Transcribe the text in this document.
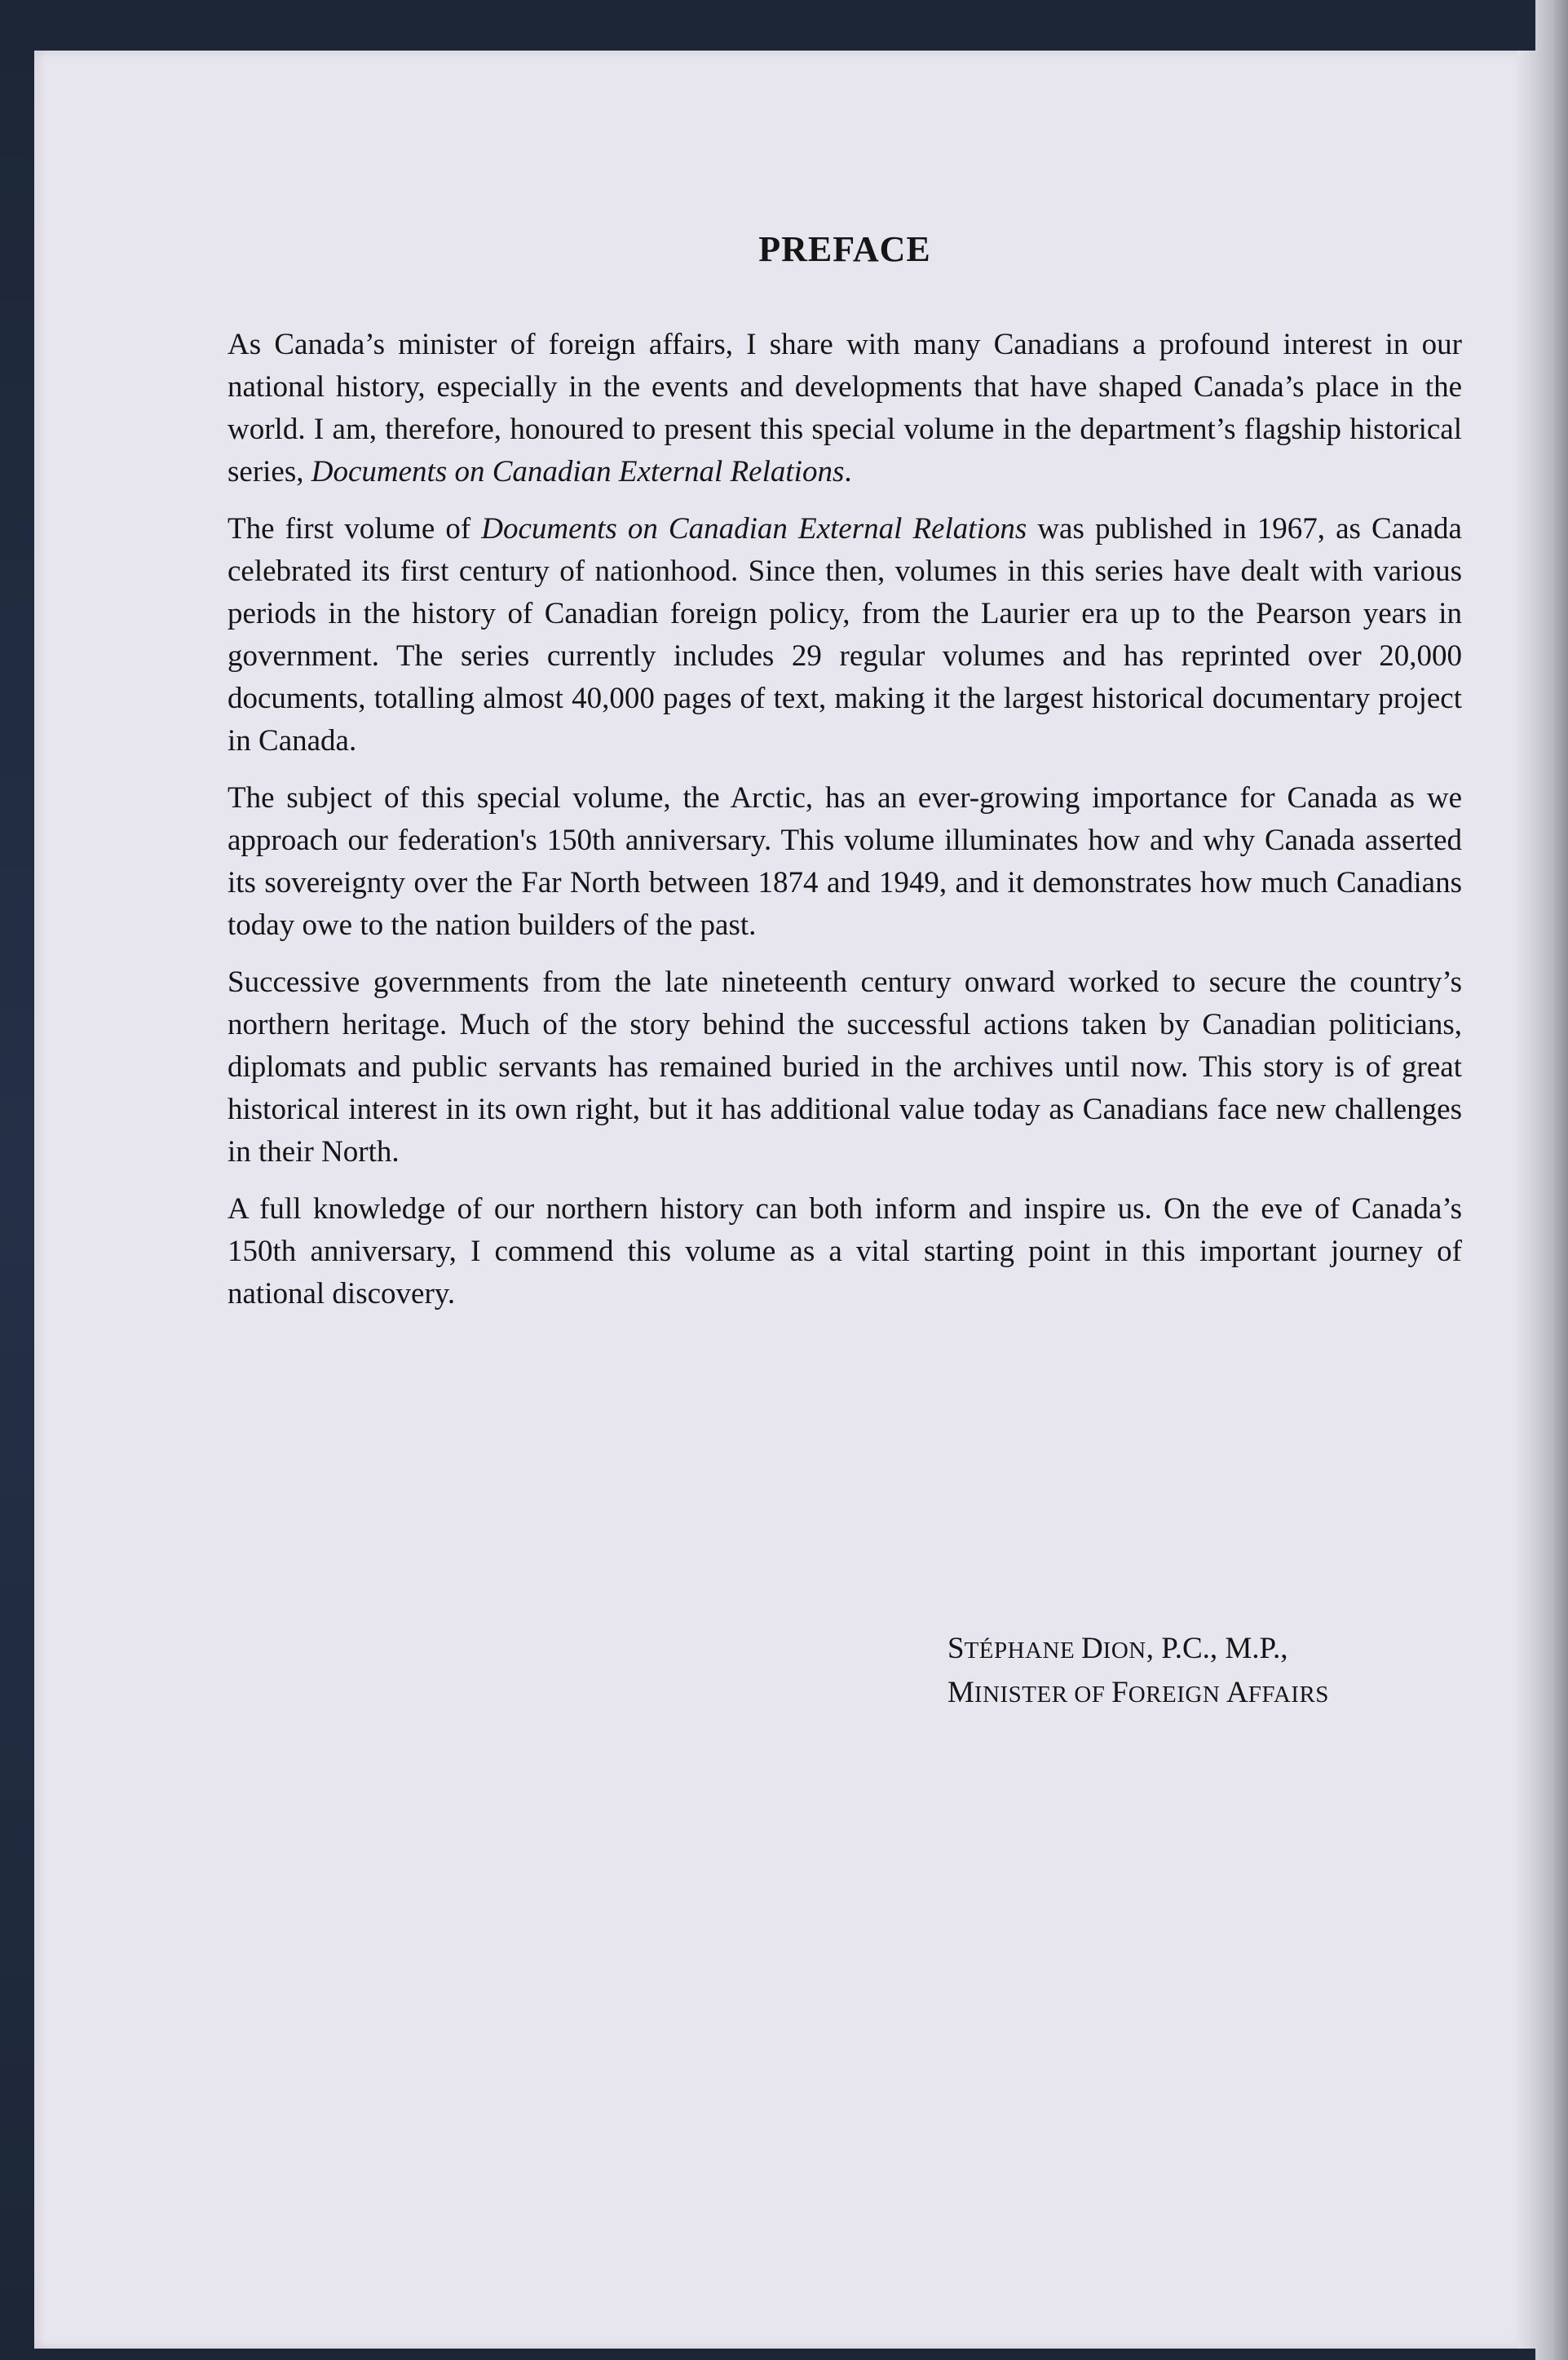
PREFACE

As Canada’s minister of foreign affairs, I share with many Canadians a profound interest in our national history, especially in the events and developments that have shaped Canada’s place in the world. I am, therefore, honoured to present this special volume in the department’s flagship historical series, Documents on Canadian External Relations.

The first volume of Documents on Canadian External Relations was published in 1967, as Canada celebrated its first century of nationhood. Since then, volumes in this series have dealt with various periods in the history of Canadian foreign policy, from the Laurier era up to the Pearson years in government. The series currently includes 29 regular volumes and has reprinted over 20,000 documents, totalling almost 40,000 pages of text, making it the largest historical documentary project in Canada.

The subject of this special volume, the Arctic, has an ever-growing importance for Canada as we approach our federation's 150th anniversary. This volume illuminates how and why Canada asserted its sovereignty over the Far North between 1874 and 1949, and it demonstrates how much Canadians today owe to the nation builders of the past.

Successive governments from the late nineteenth century onward worked to secure the country’s northern heritage. Much of the story behind the successful actions taken by Canadian politicians, diplomats and public servants has remained buried in the archives until now. This story is of great historical interest in its own right, but it has additional value today as Canadians face new challenges in their North.

A full knowledge of our northern history can both inform and inspire us. On the eve of Canada’s 150th anniversary, I commend this volume as a vital starting point in this important journey of national discovery.

STÉPHANE DION, P.C., M.P.,
MINISTER OF FOREIGN AFFAIRS
